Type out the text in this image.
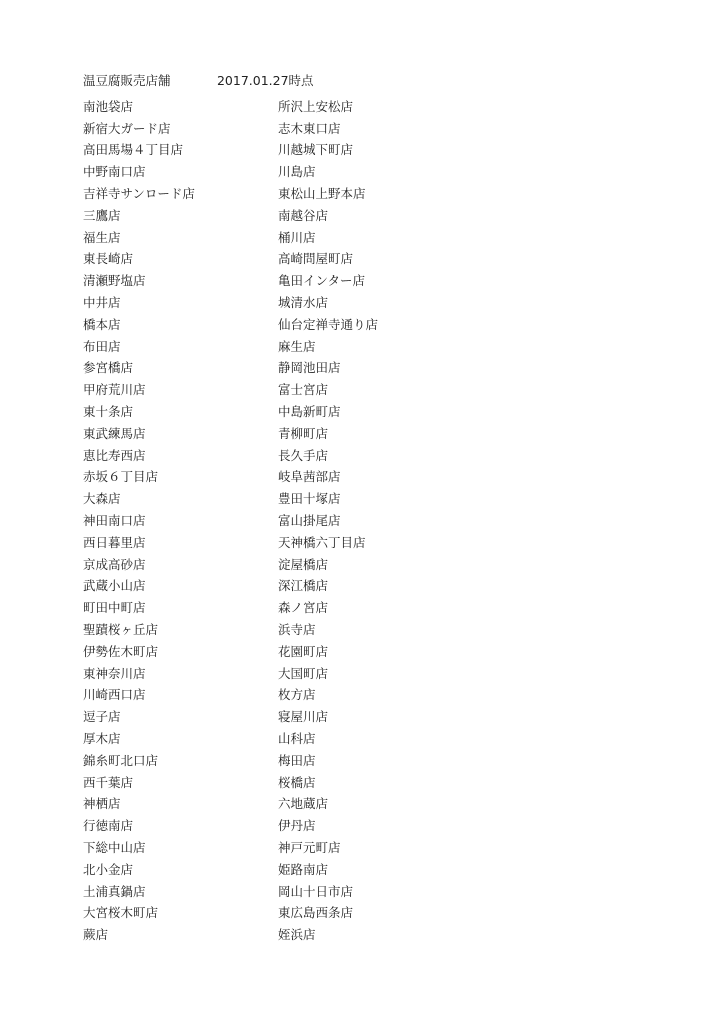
温豆腐販売店舗	2017.01.27時点
南池袋店	所沢上安松店
新宿大ガード店	志木東口店
高田馬場４丁目店	川越城下町店
中野南口店	川島店
吉祥寺サンロード店	東松山上野本店
三鷹店	南越谷店
福生店	桶川店
東長崎店	高崎問屋町店
清瀬野塩店	亀田インター店
中井店	城清水店
橋本店	仙台定禅寺通り店
布田店	麻生店
参宮橋店	静岡池田店
甲府荒川店	富士宮店
東十条店	中島新町店
東武練馬店	青柳町店
恵比寿西店	長久手店
赤坂６丁目店	岐阜茜部店
大森店	豊田十塚店
神田南口店	富山掛尾店
西日暮里店	天神橋六丁目店
京成高砂店	淀屋橋店
武蔵小山店	深江橋店
町田中町店	森ノ宮店
聖蹟桜ヶ丘店	浜寺店
伊勢佐木町店	花園町店
東神奈川店	大国町店
川崎西口店	枚方店
逗子店	寝屋川店
厚木店	山科店
錦糸町北口店	梅田店
西千葉店	桜橋店
神栖店	六地蔵店
行徳南店	伊丹店
下総中山店	神戸元町店
北小金店	姫路南店
土浦真鍋店	岡山十日市店
大宮桜木町店	東広島西条店
蕨店	姪浜店
